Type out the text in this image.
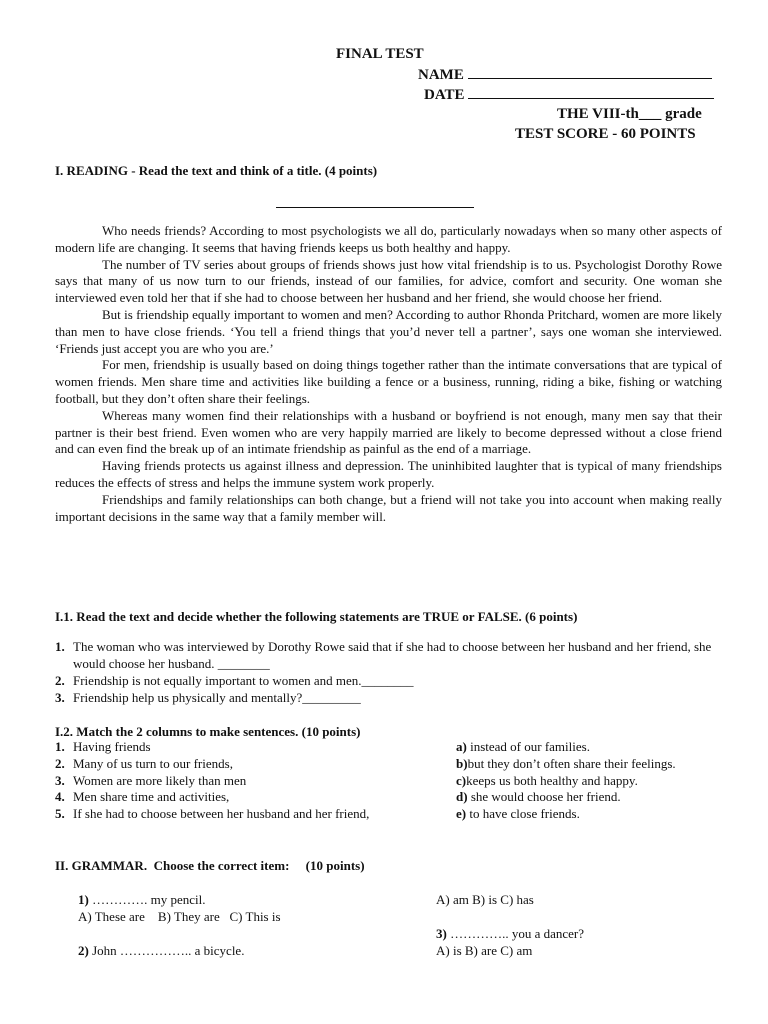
FINAL TEST
NAME
DATE
THE VIII-th___ grade
TEST SCORE - 60 POINTS
I. READING - Read the text and think of a title. (4 points)

Who needs friends? According to most psychologists we all do, particularly nowadays when so many other aspects of modern life are changing. It seems that having friends keeps us both healthy and happy.

The number of TV series about groups of friends shows just how vital friendship is to us. Psychologist Dorothy Rowe says that many of us now turn to our friends, instead of our families, for advice, comfort and security. One woman she interviewed even told her that if she had to choose between her husband and her friend, she would choose her friend.

But is friendship equally important to women and men? According to author Rhonda Pritchard, women are more likely than men to have close friends. ‘You tell a friend things that you’d never tell a partner’, says one woman she interviewed. ‘Friends just accept you are who you are.’

For men, friendship is usually based on doing things together rather than the intimate conversations that are typical of women friends. Men share time and activities like building a fence or a business, running, riding a bike, fishing or watching football, but they don’t often share their feelings.

Whereas many women find their relationships with a husband or boyfriend is not enough, many men say that their partner is their best friend. Even women who are very happily married are likely to become depressed without a close friend and can even find the break up of an intimate friendship as painful as the end of a marriage.

Having friends protects us against illness and depression. The uninhibited laughter that is typical of many friendships reduces the effects of stress and helps the immune system work properly.

Friendships and family relationships can both change, but a friend will not take you into account when making really important decisions in the same way that a family member will.

I.1. Read the text and decide whether the following statements are TRUE or FALSE. (6 points)
1. The woman who was interviewed by Dorothy Rowe said that if she had to choose between her husband and her friend, she would choose her husband. ________
2. Friendship is not equally important to women and men.________
3. Friendship help us physically and mentally?_________
I.2. Match the 2 columns to make sentences. (10 points)
1. Having friends
2. Many of us turn to our friends,
3. Women are more likely than men
4. Men share time and activities,
5. If she had to choose between her husband and her friend,
a) instead of our families.
b)but they don’t often share their feelings.
c)keeps us both healthy and happy.
d) she would choose her friend.
e) to have close friends.
II. GRAMMAR.  Choose the correct item:     (10 points)
1) …………. my pencil.
A) These are    B) They are   C) This is
A) am B) is C) has
3) ………….. you a dancer?
2) John …………….. a bicycle.	A) is B) are C) am
